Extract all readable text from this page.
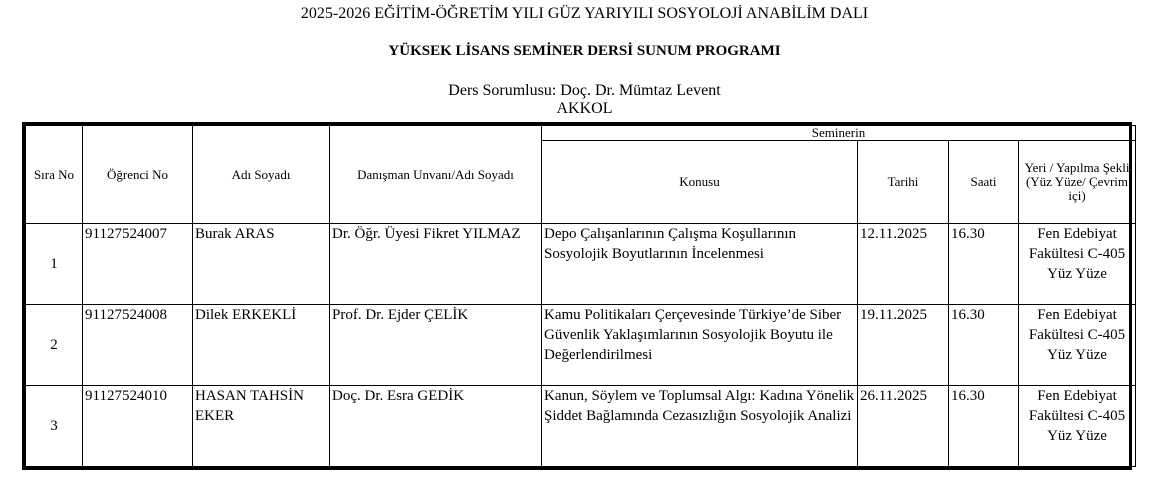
2025-2026 EĞİTİM-ÖĞRETİM YILI GÜZ YARIYILI SOSYOLOJİ ANABİLİM DALI
YÜKSEK LİSANS SEMİNER DERSİ SUNUM PROGRAMI
Ders Sorumlusu: Doç. Dr. Mümtaz Levent
AKKOL
Sıra No	Öğrenci No	Adı Soyadı	Danışman Unvanı/Adı Soyadı	Seminerin			
				Konusu	Tarihi	Saati	Yeri / Yapılma Şekli (Yüz Yüze/ Çevrim içi)
1	91127524007	Burak ARAS	Dr. Öğr. Üyesi Fikret YILMAZ	Depo Çalışanlarının Çalışma Koşullarının Sosyolojik Boyutlarının İncelenmesi	12.11.2025	16.30	Fen Edebiyat Fakültesi C-405 Yüz Yüze
2	91127524008	Dilek ERKEKLİ	Prof. Dr. Ejder ÇELİK	Kamu Politikaları Çerçevesinde Türkiye’de Siber Güvenlik Yaklaşımlarının Sosyolojik Boyutu ile Değerlendirilmesi	19.11.2025	16.30	Fen Edebiyat Fakültesi C-405 Yüz Yüze
3	91127524010	HASAN TAHSİN EKER	Doç. Dr. Esra GEDİK	Kanun, Söylem ve Toplumsal Algı: Kadına Yönelik Şiddet Bağlamında Cezasızlığın Sosyolojik Analizi	26.11.2025	16.30	Fen Edebiyat Fakültesi C-405 Yüz Yüze
